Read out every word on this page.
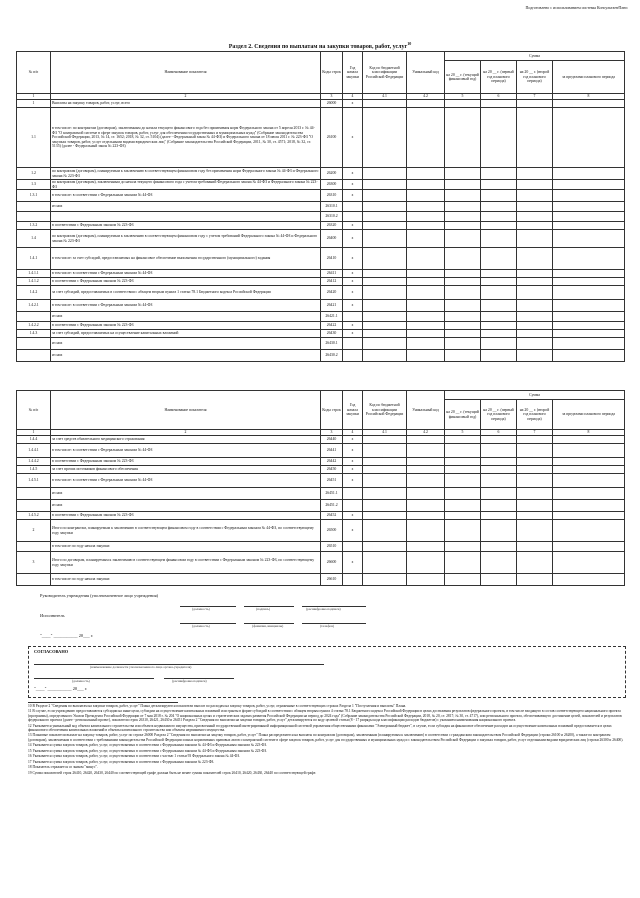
Подготовлено с использованием системы КонсультантПлюс
Раздел 2. Сведения по выплатам на закупки товаров, работ, услуг$^{10}$
№ п/п	Наименование показателя	Коды строк	Год начала закупки	Код по бюджетной классификации Российской Федерации	Уникальный код	Сумма			
						на 20 __ г. (текущий финансовый год)	на 20 __ г. (первый год планового периода)	на 20 __ г. (второй год планового периода)	за пределами планового периода
1	2	3	4	4.1	4.2	5	6	7	8
1	Выплаты на закупку товаров, работ, услуг, всего	26000	x						
1.1	в том числе: по контрактам (договорам), заключенным до начала текущего финансового года без применения норм Федерального закона от 5 апреля 2013 г. № 44-ФЗ "О контрактной системе в сфере закупок товаров, работ, услуг для обеспечения государственных и муниципальных нужд" (Собрание законодательства Российской Федерации, 2013, № 14, ст. 1652; 2018, № 32, ст. 5104) (далее - Федеральный закон № 44-ФЗ) и Федерального закона от 18 июля 2011 г. № 223-ФЗ "О закупках товаров, работ, услуг отдельными видами юридических лиц" (Собрание законодательства Российской Федерации, 2011, № 30, ст. 4571; 2018, № 32, ст. 5135) (далее - Федеральный закон № 223-ФЗ)	26100	x						
1.2	по контрактам (договорам), планируемым к заключению в соответствующем финансовом году без применения норм Федерального закона № 44-ФЗ и Федерального закона № 223-ФЗ	26200	x						
1.3	по контрактам (договорам), заключенным до начала текущего финансового года с учетом требований Федерального закона № 44-ФЗ и Федерального закона № 223-ФЗ	26300	x						
1.3.1	в том числе: в соответствии с Федеральным законом № 44-ФЗ	26310	x						
	из них	26310.1							
		26310.2							
1.3.2	в соответствии с Федеральным законом № 223-ФЗ	26320	x						
1.4	по контрактам (договорам), планируемым к заключению в соответствующем финансовом году с учетом требований Федерального закона № 44-ФЗ и Федерального закона № 223-ФЗ	26400	x						
1.4.1	в том числе: за счет субсидий, предоставляемых на финансовое обеспечение выполнения государственного (муниципального) задания	26410	x						
1.4.1.1	в том числе: в соответствии с Федеральным законом № 44-ФЗ	26411	x						
1.4.1.2	в соответствии с Федеральным законом № 223-ФЗ	26412	x						
1.4.2	за счет субсидий, предоставляемых в соответствии с абзацем вторым пункта 1 статьи 78.1 Бюджетного кодекса Российской Федерации	26420	x						
1.4.2.1	в том числе: в соответствии с Федеральным законом № 44-ФЗ	26421	x						
	из них	26421.1							
1.4.2.2	в соответствии с Федеральным законом № 223-ФЗ	26422	x						
1.4.3	за счет субсидий, предоставляемых на осуществление капитальных вложений	26430	x						
	из них	26430.1							
	из них	26430.2							
№ п/п	Наименование показателя	Коды строк	Год начала закупки	Код по бюджетной классификации Российской Федерации	Уникальный код	Сумма			
						на 20 __ г. (текущий финансовый год)	на 20 __ г. (первый год планового периода)	на 20 __ г. (второй год планового периода)	за пределами планового периода
1	2	3	4	4.1	4.2	5	6	7	8
1.4.4	за счет средств обязательного медицинского страхования	26440	x						
1.4.4.1	в том числе: в соответствии с Федеральным законом № 44-ФЗ	26441	x						
1.4.4.2	в соответствии с Федеральным законом № 223-ФЗ	26442	x						
1.4.5	за счет прочих источников финансового обеспечения	26450	x						
1.4.5.1	в том числе: в соответствии с Федеральным законом № 44-ФЗ	26451	x						
	из них	26451.1							
	из них	26451.2							
1.4.5.2	в соответствии с Федеральным законом № 223-ФЗ	26452	x						
2	Итого по контрактам, планируемым к заключению в соответствующем финансовом году в соответствии с Федеральным законом № 44-ФЗ, по соответствующему году закупки	26500	x						
	в том числе по году начала закупки:	26510							
3	Итого по договорам, планируемым к заключению в соответствующем финансовом году в соответствии с Федеральным законом № 223-ФЗ, по соответствующему году закупки	26600	x						
	в том числе по году начала закупки:	26610							
Руководитель учреждения (уполномоченное лицо учреждения)
(должность)	(подпись)	(расшифровка подписи)
Исполнитель
(должность)	(фамилия, инициалы)	(телефон)
"____" ___________ 20___ г.
СОГЛАСОВАНО
(наименование должности уполномоченного лица органа-учредителя)
(должность)	(расшифровка подписи)
"____" ___________ 20___ г.
10 В Разделе 2 "Сведения по выплатам на закупки товаров, работ, услуг" Плана детализируются показатели выплат по расходам на закупку товаров, работ, услуг, отраженные в соответствующих строках Раздела 1 "Поступления и выплаты" Плана.
11 В случае, если учреждению предоставляются субсидии на иные цели, субсидии на осуществление капитальных вложений или гранты в форме субсидий в соответствии с абзацем вторым пункта 4 статьи 78.1 Бюджетного кодекса Российской Федерации в целях достижения результатов федерального проекта, в том числе входящего в состав соответствующего национального проекта (программы), определенного Указом Президента Российской Федерации от 7 мая 2018 г. № 204 "О национальных целях и стратегических задачах развития Российской Федерации на период до 2024 года" (Собрание законодательства Российской Федерации, 2018, № 20, ст. 2817; № 30, ст. 4717), или регионального проекта, обеспечивающего достижение целей, показателей и результатов федерального проекта (далее - региональный проект), показатели строк 26310, 26421, 26430 и 26451 Раздела 2 "Сведения по выплатам на закупки товаров, работ, услуг" детализируются по коду целевой статьи (8 - 17 разряды кода классификации расходов бюджетов) с указанием наименования национального проекта.
12 Указывается уникальный код объекта капитального строительства или объекта недвижимого имущества, присвоенный государственной интегрированной информационной системой управления общественными финансами "Электронный бюджет", в случае, если субсидия на финансовое обеспечение расходов на осуществление капитальных вложений предоставляется в целях финансового обеспечения капитальных вложений в объекты капитального строительства или объекты недвижимого имущества.
13 Плановые показатели выплат на закупку товаров, работ, услуг по строке 26000 Раздела 2 "Сведения по выплатам на закупку товаров, работ, услуг" Плана распределяются на выплаты по контрактам (договорам), заключенным (планируемым к заключению) в соответствии с гражданским законодательством Российской Федерации (строки 26100 и 26200), а также по контрактам (договорам), заключаемым в соответствии с требованиями законодательства Российской Федерации и иных нормативных правовых актов о контрактной системе в сфере закупок товаров, работ, услуг для государственных и муниципальных нужд и с законодательством Российской Федерации о закупках товаров, работ, услуг отдельными видами юридических лиц (строки 26300 и 26400).
14 Указывается сумма закупок товаров, работ, услуг, осуществляемых в соответствии с Федеральным законом № 44-ФЗ и Федеральным законом № 223-ФЗ.
15 Указывается сумма закупок товаров, работ, услуг, осуществляемых в соответствии с Федеральным законом № 44-ФЗ и Федеральным законом № 223-ФЗ.
16 Указывается сумма закупок товаров, работ, услуг, осуществляемых в соответствии с частью 1 статьи 93 Федерального закона № 44-ФЗ.
17 Указывается сумма закупок товаров, работ, услуг, осуществляемых в соответствии с Федеральным законом № 223-ФЗ.
18 Показатель отражается со знаком "минус".
19 Сумма показателей строк 26410, 26420, 26430, 26440 по соответствующей графе должна быть не менее суммы показателей строк 26410, 26420, 26430, 26440 по соответствующей графе.
